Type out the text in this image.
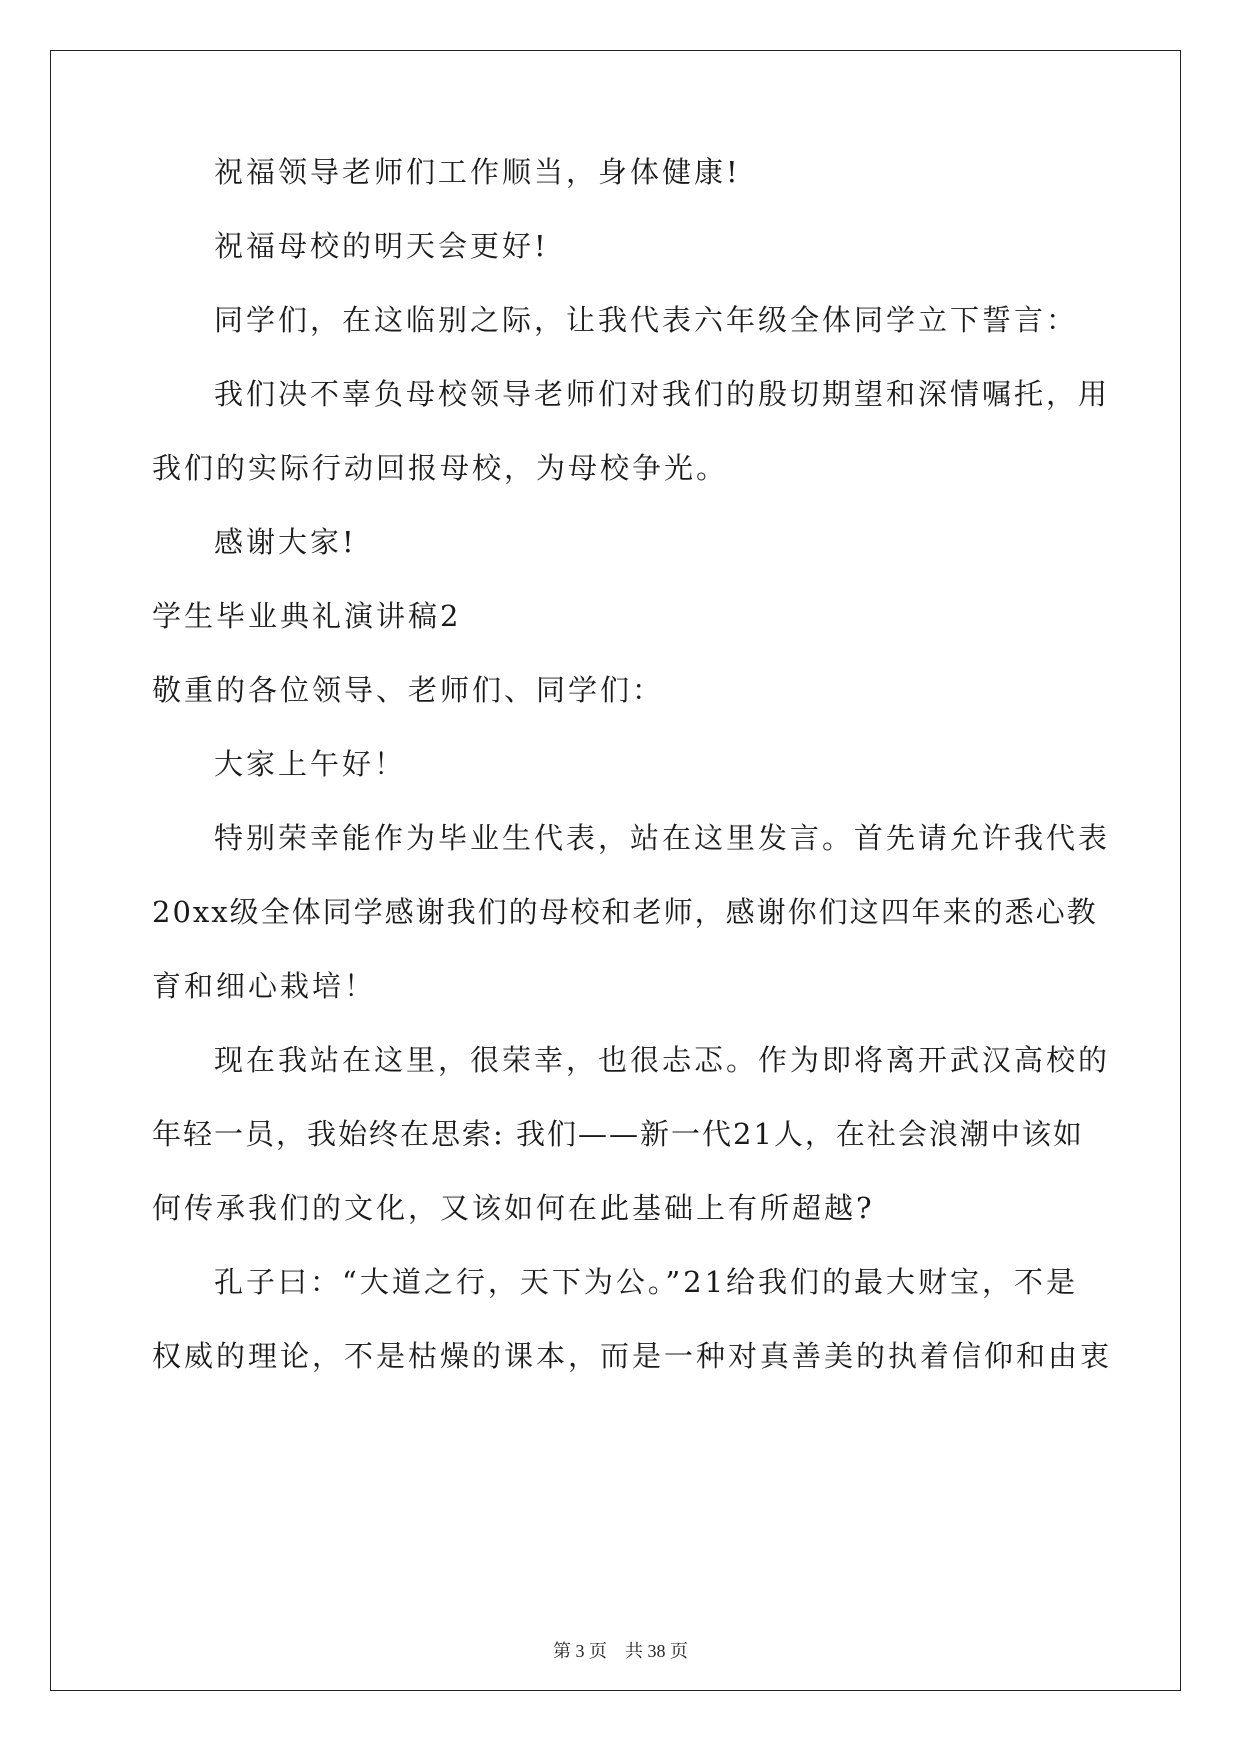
祝福领导老师们工作顺当，身体健康!
祝福母校的明天会更好!
同学们，在这临别之际，让我代表六年级全体同学立下誓言：
我们决不辜负母校领导老师们对我们的殷切期望和深情嘱托，用
我们的实际行动回报母校，为母校争光。
感谢大家!
学生毕业典礼演讲稿2
敬重的各位领导、老师们、同学们：
大家上午好！
特别荣幸能作为毕业生代表，站在这里发言。首先请允许我代表
20xx级全体同学感谢我们的母校和老师，感谢你们这四年来的悉心教
育和细心栽培！
现在我站在这里，很荣幸，也很忐忑。作为即将离开武汉高校的
年轻一员，我始终在思索: 我们——新一代21人，在社会浪潮中该如
何传承我们的文化，又该如何在此基础上有所超越?
孔子曰：“大道之行，天下为公。”21给我们的最大财宝，不是
权威的理论，不是枯燥的课本，而是一种对真善美的执着信仰和由衷
第 3 页　共 38 页
